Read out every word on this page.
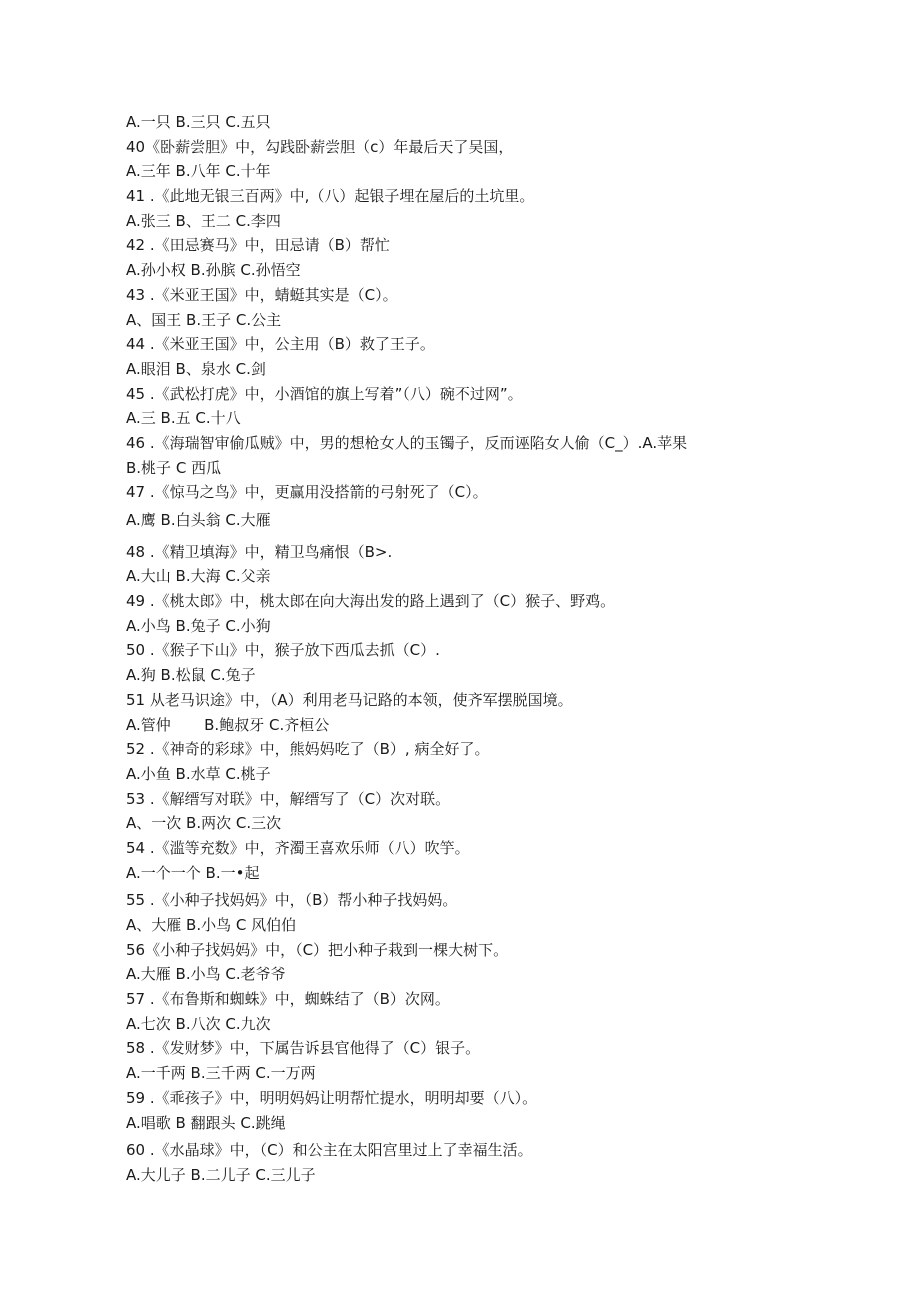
A.一只 B.三只 C.五只
40《卧薪尝胆》中，勾践卧薪尝胆（c）年最后天了吴国，
A.三年 B.八年 C.十年
41 .《此地无银三百两》中,（八）起银子埋在屋后的土坑里。
A.张三 B、王二 C.李四
42 .《田忌赛马》中，田忌请（B）帮忙
A.孙小权 B.孙膑 C.孙悟空
43 .《米亚王国》中，蜻蜓其实是（C）。
A、国王 B.王子 C.公主
44 .《米亚王国》中，公主用（B）救了王子。
A.眼泪 B、泉水 C.剑
45 .《武松打虎》中，小酒馆的旗上写着”（八）碗不过网”。
A.三 B.五 C.十八
46 .《海瑞智审偷瓜贼》中，男的想枪女人的玉镯子，反而诬陷女人偷（C_）.A.苹果
B.桃子 C 西瓜
47 .《惊马之鸟》中，更赢用没搭箭的弓射死了（C）。
A.鹰 B.白头翁 C.大雁
48 .《精卫填海》中，精卫鸟痛恨（B>.
A.大山 B.大海 C.父亲
49 .《桃太郎》中，桃太郎在向大海出发的路上遇到了（C）猴子、野鸡。
A.小鸟 B.兔子 C.小狗
50 .《猴子下山》中，猴子放下西瓜去抓（C）.
A.狗 B.松鼠 C.兔子
51 从老马识途》中，（A）利用老马记路的本领，使齐军摆脱国境。
A.管仲       B.鲍叔牙 C.齐桓公
52 .《神奇的彩球》中，熊妈妈吃了（B）, 病全好了。
A.小鱼 B.水草 C.桃子
53 .《解缙写对联》中，解缙写了（C）次对联。
A、一次 B.两次 C.三次
54 .《滥等充数》中，齐濁王喜欢乐师（八）吹竽。
A.一个一个 B.一•起
55 .《小种子找妈妈》中，（B）帮小种子找妈妈。
A、大雁 B.小鸟 C 风伯伯
56《小种子找妈妈》中，（C）把小种子栽到一棵大树下。
A.大雁 B.小鸟 C.老爷爷
57 .《布鲁斯和蜘蛛》中，蜘蛛结了（B）次网。
A.七次 B.八次 C.九次
58 .《发财梦》中，下属告诉县官他得了（C）银子。
A.一千两 B.三千两 C.一万两
59 .《乖孩子》中，明明妈妈让明帮忙提水，明明却要（八）。
A.唱歌 B 翻跟头 C.跳绳
60 .《水晶球》中，（C）和公主在太阳宫里过上了幸福生活。
A.大儿子 B.二儿子 C.三儿子
